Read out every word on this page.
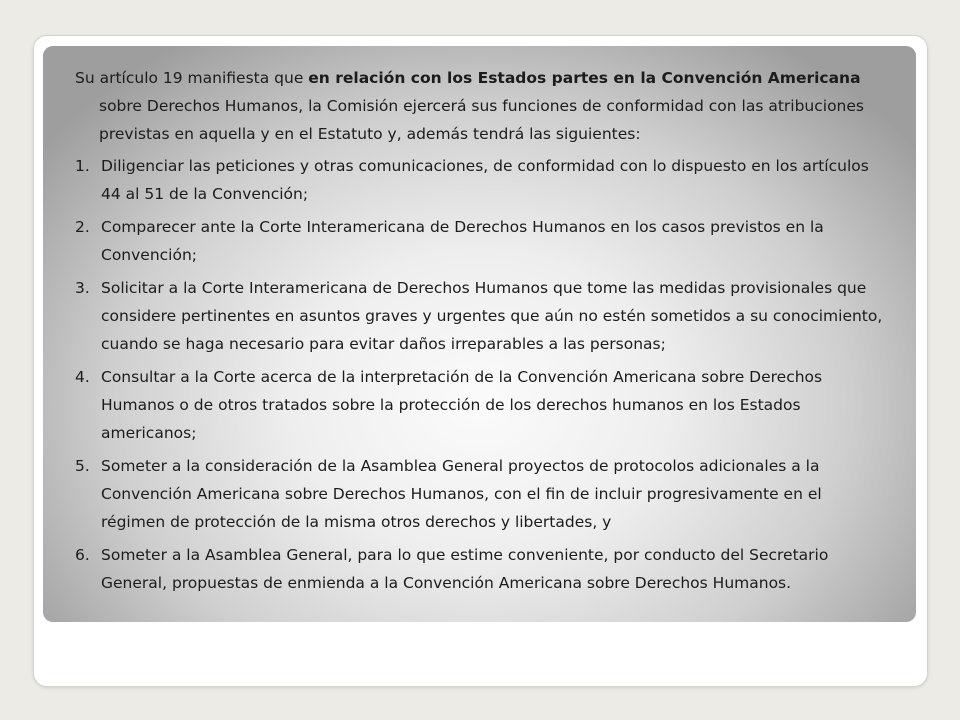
Su artículo 19 manifiesta que en relación con los Estados partes en la Convención Americana sobre Derechos Humanos, la Comisión ejercerá sus funciones de conformidad con las atribuciones previstas en aquella y en el Estatuto y, además tendrá las siguientes:

1. Diligenciar las peticiones y otras comunicaciones, de conformidad con lo dispuesto en los artículos 44 al 51 de la Convención;
2. Comparecer ante la Corte Interamericana de Derechos Humanos en los casos previstos en la Convención;
3. Solicitar a la Corte Interamericana de Derechos Humanos que tome las medidas provisionales que considere pertinentes en asuntos graves y urgentes que aún no estén sometidos a su conocimiento, cuando se haga necesario para evitar daños irreparables a las personas;
4. Consultar a la Corte acerca de la interpretación de la Convención Americana sobre Derechos Humanos o de otros tratados sobre la protección de los derechos humanos en los Estados americanos;
5. Someter a la consideración de la Asamblea General proyectos de protocolos adicionales a la Convención Americana sobre Derechos Humanos, con el fin de incluir progresivamente en el régimen de protección de la misma otros derechos y libertades, y
6. Someter a la Asamblea General, para lo que estime conveniente, por conducto del Secretario General, propuestas de enmienda a la Convención Americana sobre Derechos Humanos.
